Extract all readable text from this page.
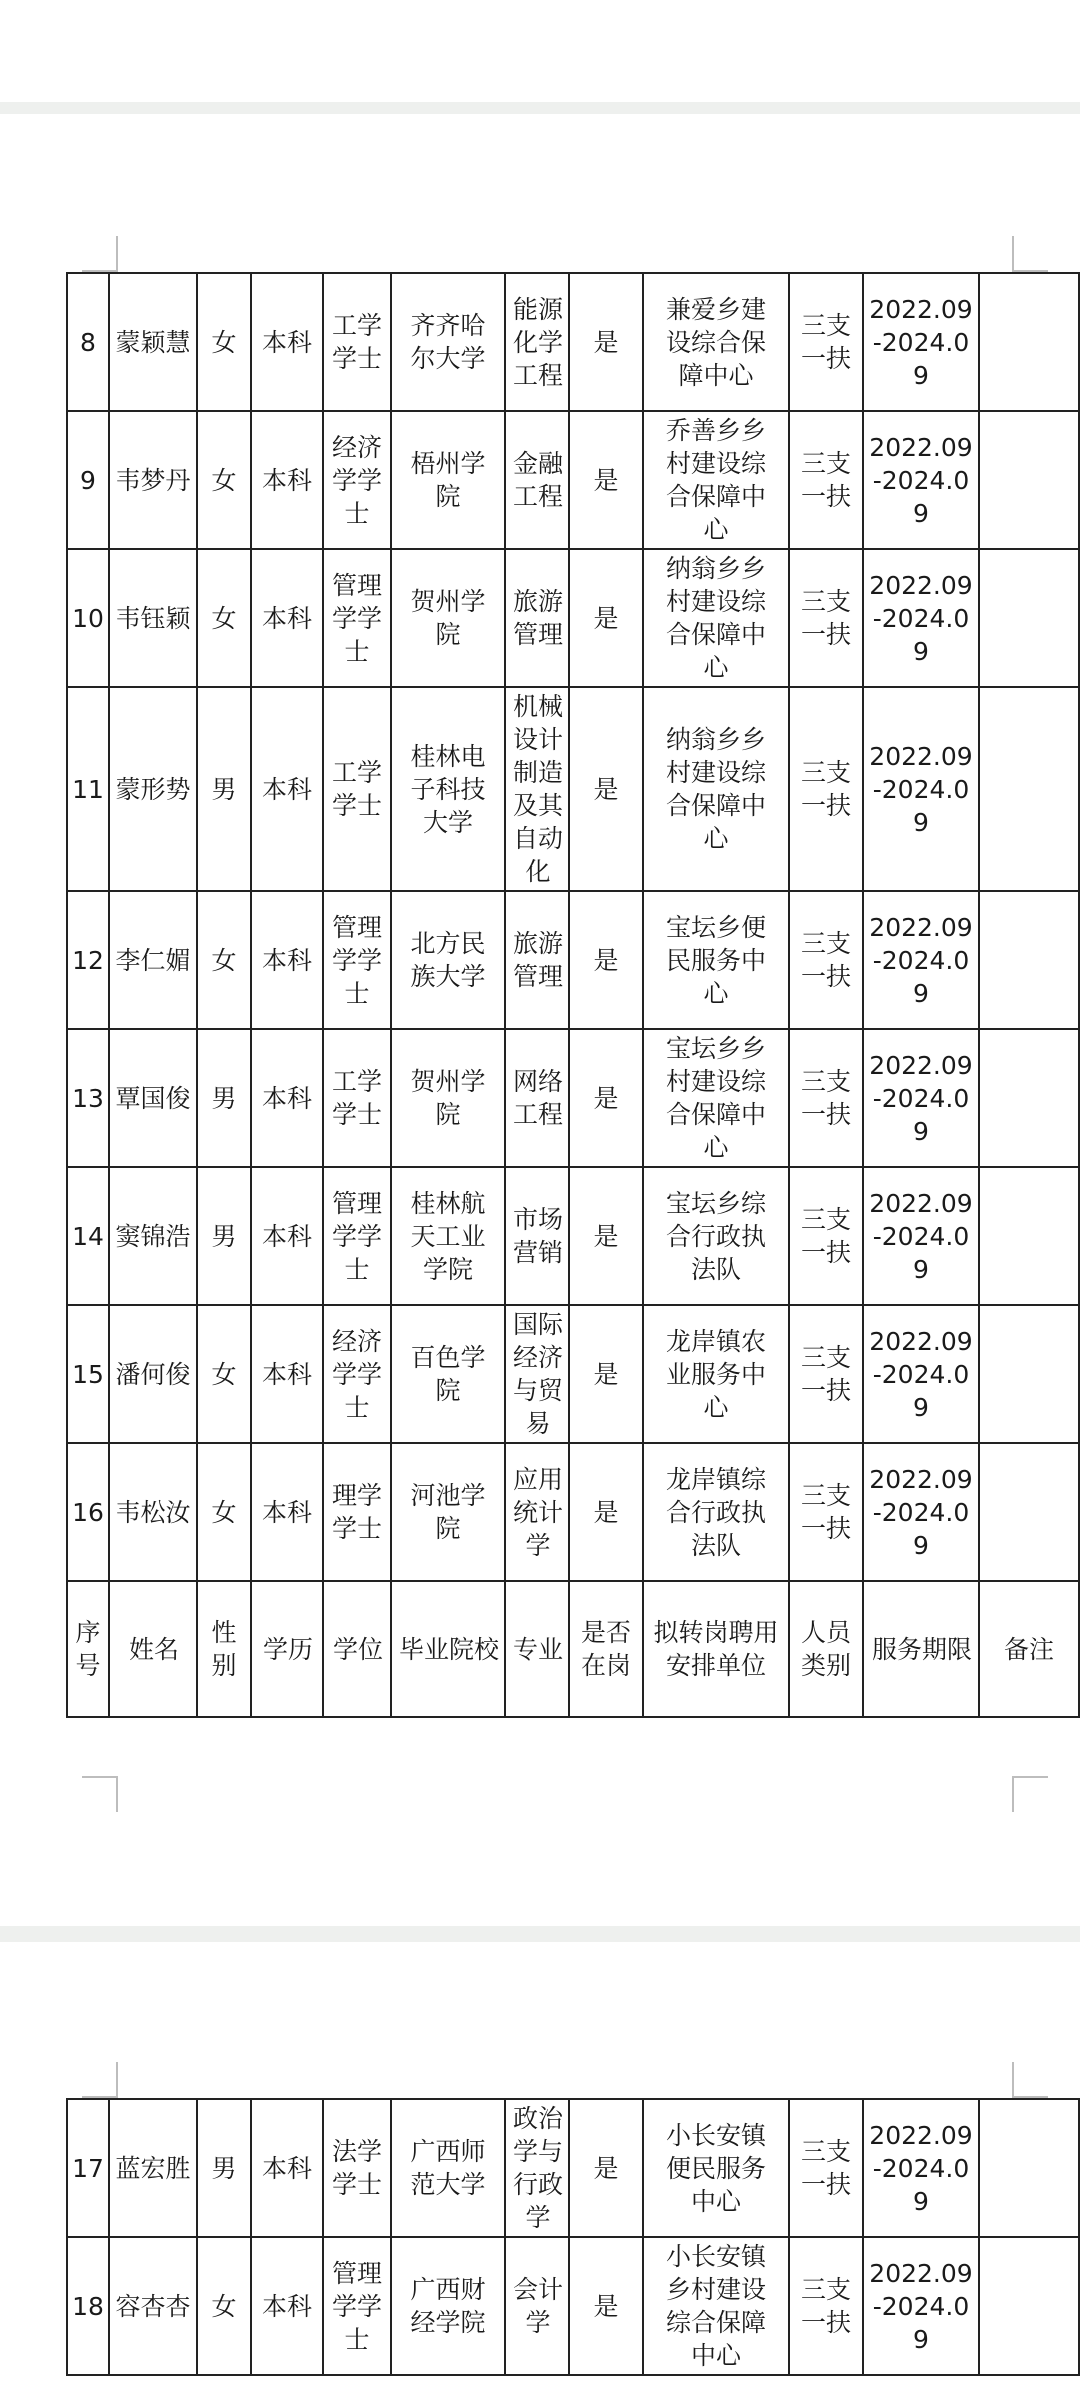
8	蒙颖慧	女	本科	工学学士	齐齐哈尔大学	能源化学工程	是	兼爱乡建设综合保障中心	三支一扶	2022.09-2024.09	
9	韦梦丹	女	本科	经济学学士	梧州学院	金融工程	是	乔善乡乡村建设综合保障中心	三支一扶	2022.09-2024.09	
10	韦钰颖	女	本科	管理学学士	贺州学院	旅游管理	是	纳翁乡乡村建设综合保障中心	三支一扶	2022.09-2024.09	
11	蒙形势	男	本科	工学学士	桂林电子科技大学	机械设计制造及其自动化	是	纳翁乡乡村建设综合保障中心	三支一扶	2022.09-2024.09	
12	李仁媚	女	本科	管理学学士	北方民族大学	旅游管理	是	宝坛乡便民服务中心	三支一扶	2022.09-2024.09	
13	覃国俊	男	本科	工学学士	贺州学院	网络工程	是	宝坛乡乡村建设综合保障中心	三支一扶	2022.09-2024.09	
14	窦锦浩	男	本科	管理学学士	桂林航天工业学院	市场营销	是	宝坛乡综合行政执法队	三支一扶	2022.09-2024.09	
15	潘何俊	女	本科	经济学学士	百色学院	国际经济与贸易	是	龙岸镇农业服务中心	三支一扶	2022.09-2024.09	
16	韦松汝	女	本科	理学学士	河池学院	应用统计学	是	龙岸镇综合行政执法队	三支一扶	2022.09-2024.09	
序号	姓名	性别	学历	学位	毕业院校	专业	是否在岗	拟转岗聘用安排单位	人员类别	服务期限	备注
17	蓝宏胜	男	本科	法学学士	广西师范大学	政治学与行政学	是	小长安镇便民服务中心	三支一扶	2022.09-2024.09	
18	容杏杏	女	本科	管理学学士	广西财经学院	会计学	是	小长安镇乡村建设综合保障中心	三支一扶	2022.09-2024.09	
